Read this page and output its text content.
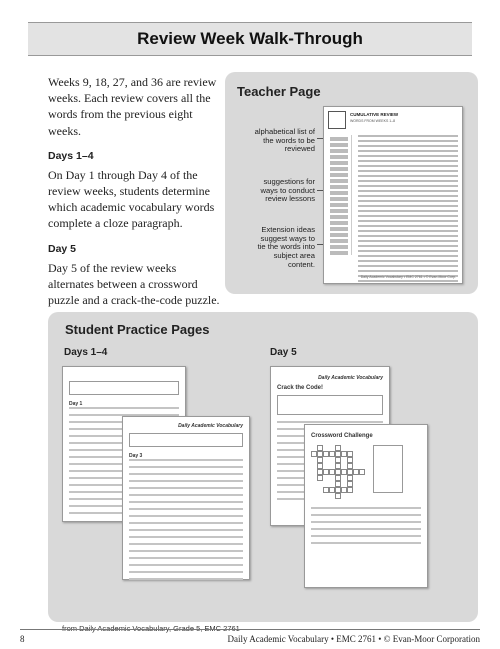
Review Week Walk-Through

Weeks 9, 18, 27, and 36 are review weeks. Each review covers all the words from the previous eight weeks.

Days 1–4

On Day 1 through Day 4 of the review weeks, students determine which academic vocabulary words complete a cloze paragraph.

Day 5

Day 5 of the review weeks alternates between a crossword puzzle and a crack-the-code puzzle.

Teacher Page
alphabetical list of the words to be reviewed
suggestions for ways to conduct review lessons
Extension ideas suggest ways to tie the words into subject area content.
CUMULATIVE REVIEW
WORDS FROM WEEKS 1–8
Daily Academic Vocabulary • EMC 2761 • © Evan-Moor Corp.
Student Practice Pages
Days 1–4	Day 5
Day 1
Daily Academic Vocabulary
Day 3
Daily Academic Vocabulary
Crack the Code!
Crossword Challenge
from Daily Academic Vocabulary, Grade 5, EMC 2761
8	Daily Academic Vocabulary • EMC 2761 • © Evan-Moor Corporation
